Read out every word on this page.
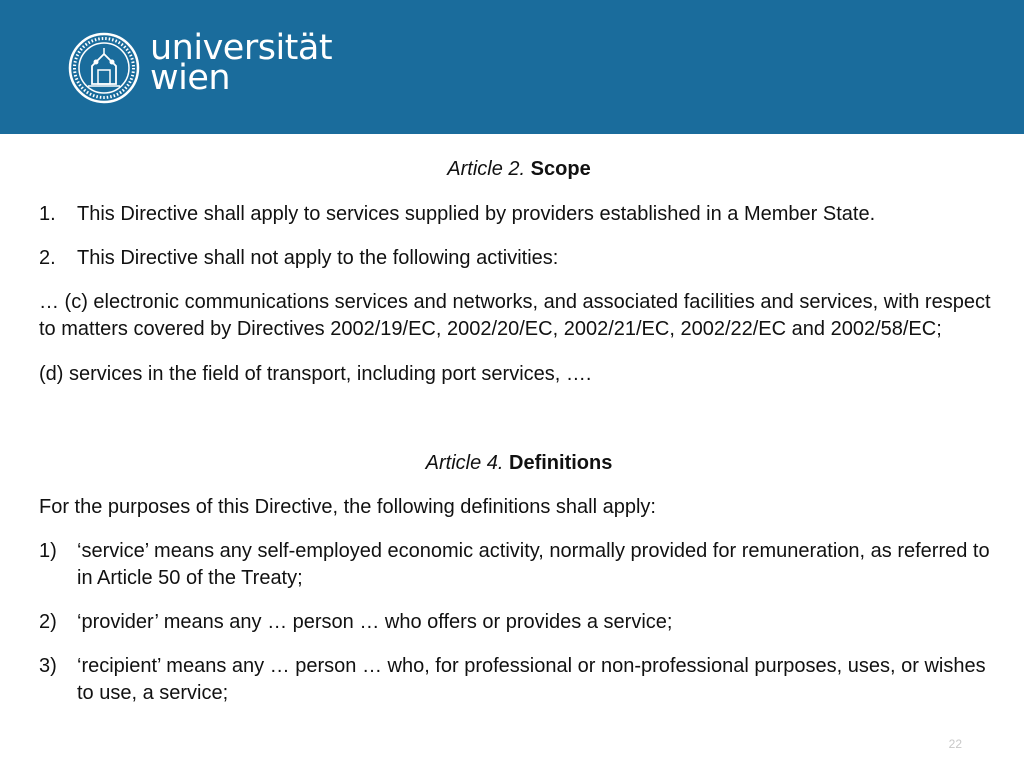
universität
wien

Article 2. Scope

1. This Directive shall apply to services supplied by providers established in a Member State.

2. This Directive shall not apply to the following activities:

… (c) electronic communications services and networks, and associated facilities and services, with respect to matters covered by Directives 2002/19/EC, 2002/20/EC, 2002/21/EC, 2002/22/EC and 2002/58/EC;

(d) services in the field of transport, including port services, ….

Article 4. Definitions

For the purposes of this Directive, the following definitions shall apply:

1) ‘service’ means any self-employed economic activity, normally provided for remuneration, as referred to in Article 50 of the Treaty;

2) ‘provider’ means any … person … who offers or provides a service;

3) ‘recipient’ means any … person … who, for professional or non-professional purposes, uses, or wishes to use, a service;

22
